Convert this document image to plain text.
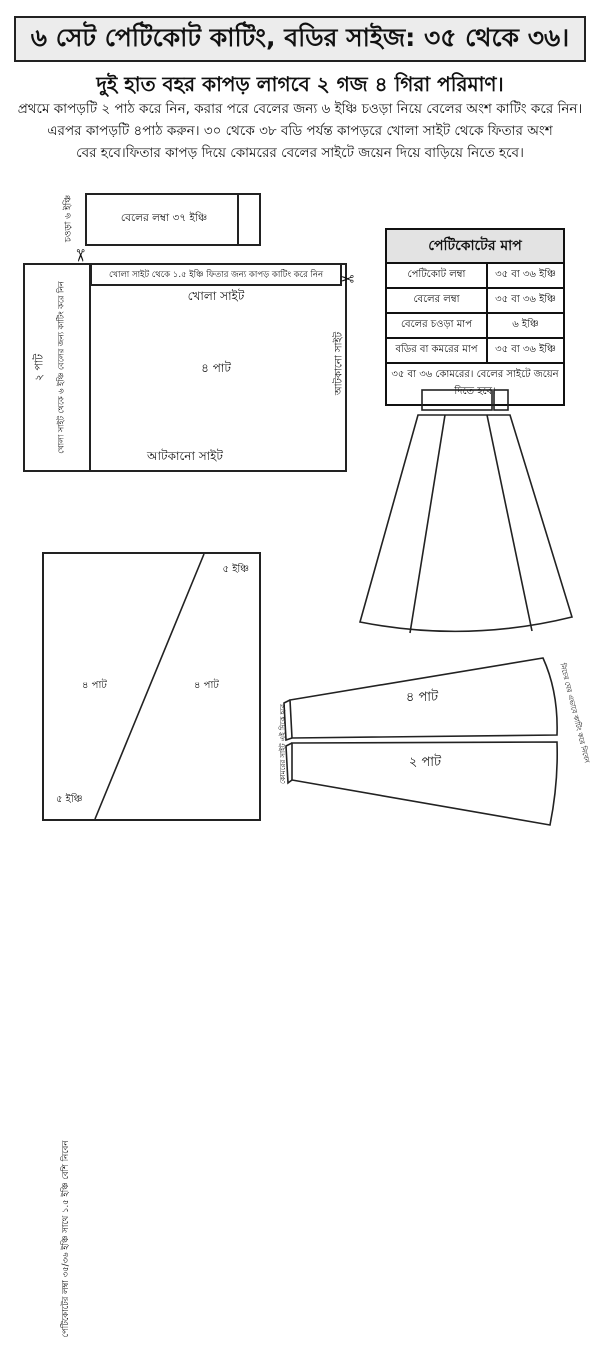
৬ সেট পেটিকোট কাটিং, বডির সাইজ: ৩৫ থেকে ৩৬।
দুই হাত বহর কাপড় লাগবে ২ গজ ৪ গিরা পরিমাণ।
প্রথমে কাপড়টি ২ পাঠ করে নিন, করার পরে বেলের জন্য ৬ ইঞ্চি চওড়া নিয়ে বেলের অংশ কাটিং করে নিন।
এরপর কাপড়টি ৪পাঠ করুন। ৩০ থেকে ৩৮ বডি পর্যন্ত কাপড়রে খোলা সাইট থেকে ফিতার অংশ
বের হবে।ফিতার কাপড় দিয়ে কোমরের বেলের সাইটে জয়েন দিয়ে বাড়িয়ে নিতে হবে।
বেলের লম্বা ৩৭ ইঞ্চি
চওড়া ৬ ইঞ্চি
খোলা সাইট থেকে ১.৫ ইঞ্চি ফিতার জন্য কাপড় কাটিং করে নিন
খোলা সাইট
৪ পাট
আটকানো সাইট
আটকানো সাইট
২ পাট	খোলা সাইট থেকে ৬ ইঞ্চি বেলের জন্য কাটিং করে নিন
✂
✂
পেটিকোটের মাপ	
পেটিকোট লম্বা	৩৫ বা ৩৬ ইঞ্চি
বেলের লম্বা	৩৫ বা ৩৬ ইঞ্চি
বেলের চওড়া মাপ	৬ ইঞ্চি
বডির বা কমরের মাপ	৩৫ বা ৩৬ ইঞ্চি
৩৫ বা ৩৬ কোমরের। বেলের সাইটে জয়েন দিতে হবে।	
৫ ইঞ্চি
৫ ইঞ্চি
৪ পাট	৪ পাট
পেটিকোটের লম্বা ৩৫/৩৬ ইঞ্চি সাথে ১.৫ ইঞ্চি বেশি নিবেন
৪ পাট
২ পাট
কোমরের সাইট এই দিকে হবে	নিচের ঘের এভাবে কাটিং করে নিবেন
